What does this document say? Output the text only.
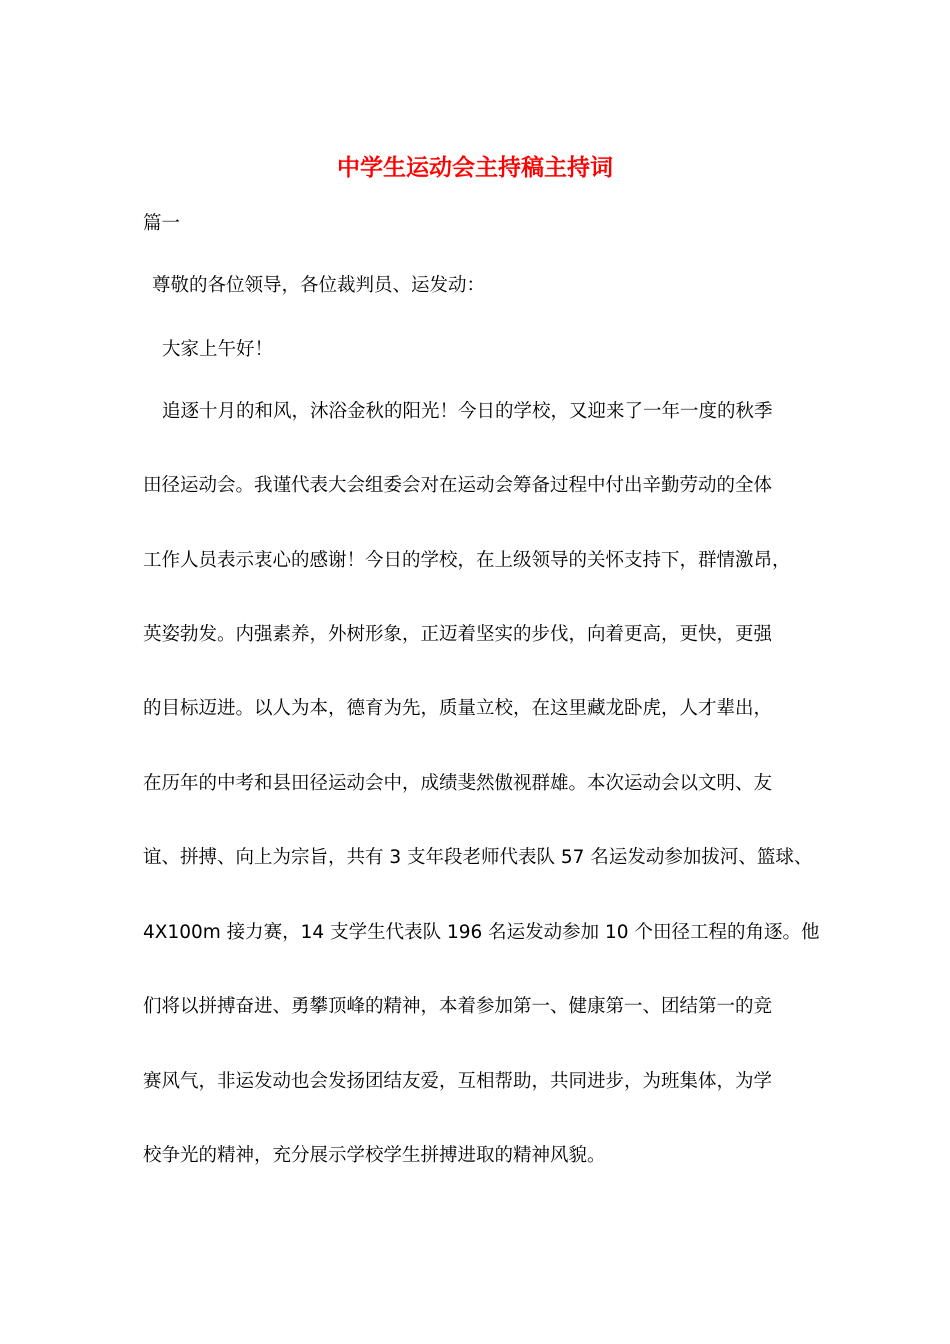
中学生运动会主持稿主持词
篇一
尊敬的各位领导，各位裁判员、运发动：
大家上午好！
追逐十月的和风，沐浴金秋的阳光！今日的学校，又迎来了一年一度的秋季
田径运动会。我谨代表大会组委会对在运动会筹备过程中付出辛勤劳动的全体
工作人员表示衷心的感谢！今日的学校，在上级领导的关怀支持下，群情激昂，
英姿勃发。内强素养，外树形象，正迈着坚实的步伐，向着更高，更快，更强
的目标迈进。以人为本，德育为先，质量立校，在这里藏龙卧虎，人才辈出，
在历年的中考和县田径运动会中，成绩斐然傲视群雄。本次运动会以文明、友
谊、拼搏、向上为宗旨，共有 3 支年段老师代表队 57 名运发动参加拔河、篮球、
4X100m 接力赛，14 支学生代表队 196 名运发动参加 10 个田径工程的角逐。他
们将以拼搏奋进、勇攀顶峰的精神，本着参加第一、健康第一、团结第一的竞
赛风气，非运发动也会发扬团结友爱，互相帮助，共同进步，为班集体，为学
校争光的精神，充分展示学校学生拼搏进取的精神风貌。
